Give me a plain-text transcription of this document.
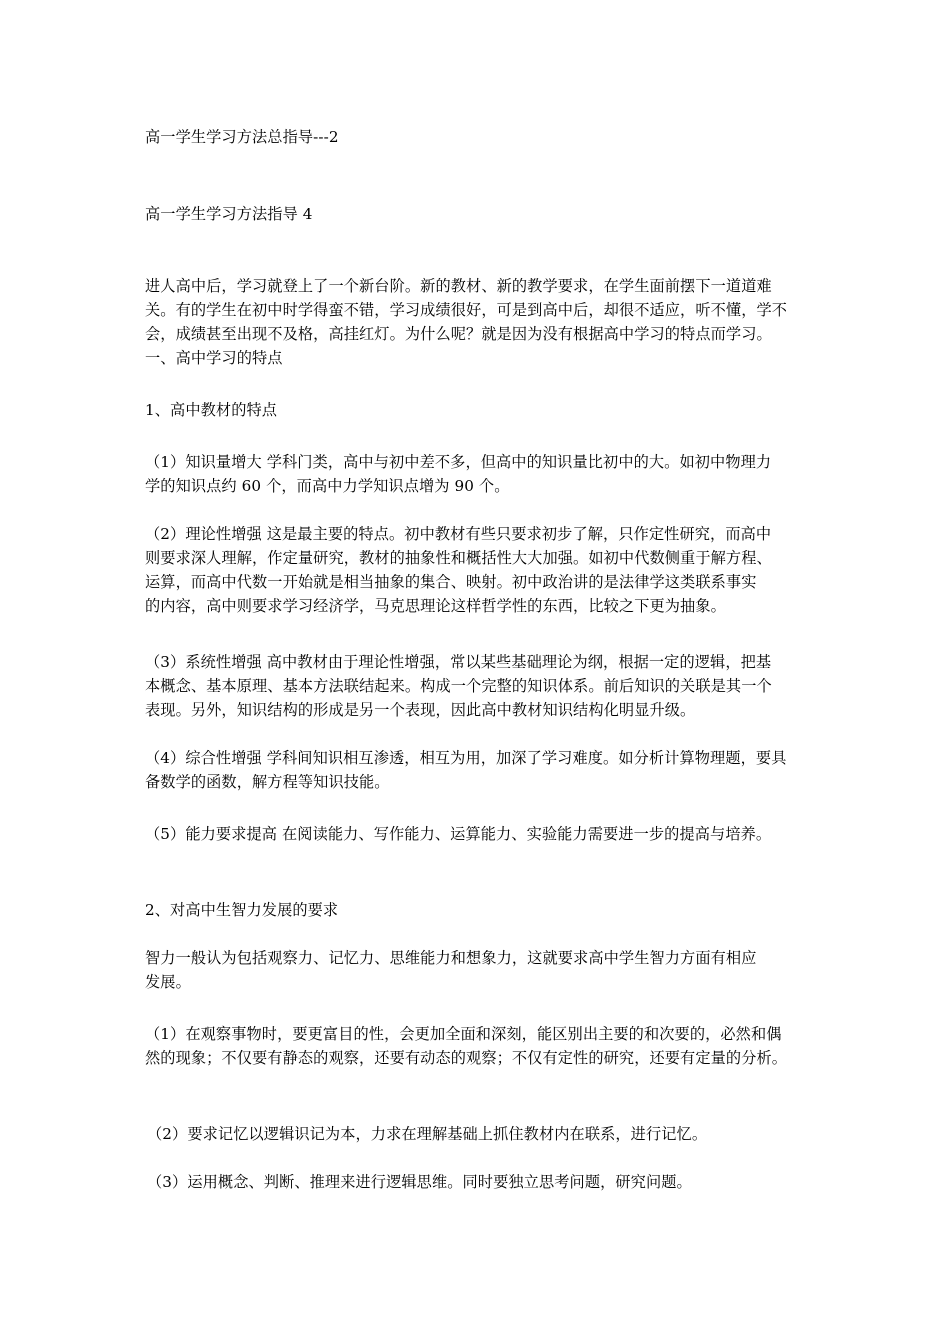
高一学生学习方法总指导---2
高一学生学习方法指导 4
进人高中后，学习就登上了一个新台阶。新的教材、新的教学要求，在学生面前摆下一道道难
关。有的学生在初中时学得蛮不错，学习成绩很好，可是到高中后，却很不适应，听不懂，学不
会，成绩甚至出现不及格，高挂红灯。为什么呢？就是因为没有根据高中学习的特点而学习。
一、高中学习的特点
1、高中教材的特点
（1）知识量增大 学科门类，高中与初中差不多，但高中的知识量比初中的大。如初中物理力
学的知识点约 60 个，而高中力学知识点增为 90 个。
（2）理论性增强 这是最主要的特点。初中教材有些只要求初步了解，只作定性研究，而高中
则要求深人理解，作定量研究，教材的抽象性和概括性大大加强。如初中代数侧重于解方程、
运算，而高中代数一开始就是相当抽象的集合、映射。初中政治讲的是法律学这类联系事实
的内容，高中则要求学习经济学，马克思理论这样哲学性的东西，比较之下更为抽象。
（3）系统性增强 高中教材由于理论性增强，常以某些基础理论为纲，根据一定的逻辑，把基
本概念、基本原理、基本方法联结起来。构成一个完整的知识体系。前后知识的关联是其一个
表现。另外，知识结构的形成是另一个表现，因此高中教材知识结构化明显升级。
（4）综合性增强 学科间知识相互渗透，相互为用，加深了学习难度。如分析计算物理题，要具
备数学的函数，解方程等知识技能。
（5）能力要求提高 在阅读能力、写作能力、运算能力、实验能力需要进一步的提高与培养。
2、对高中生智力发展的要求
智力一般认为包括观察力、记忆力、思维能力和想象力，这就要求高中学生智力方面有相应
发展。
（1）在观察事物时，要更富目的性，会更加全面和深刻，能区别出主要的和次要的，必然和偶
然的现象；不仅要有静态的观察，还要有动态的观察；不仅有定性的研究，还要有定量的分析。
（2）要求记忆以逻辑识记为本，力求在理解基础上抓住教材内在联系，进行记忆。
（3）运用概念、判断、推理来进行逻辑思维。同时要独立思考问题，研究问题。
